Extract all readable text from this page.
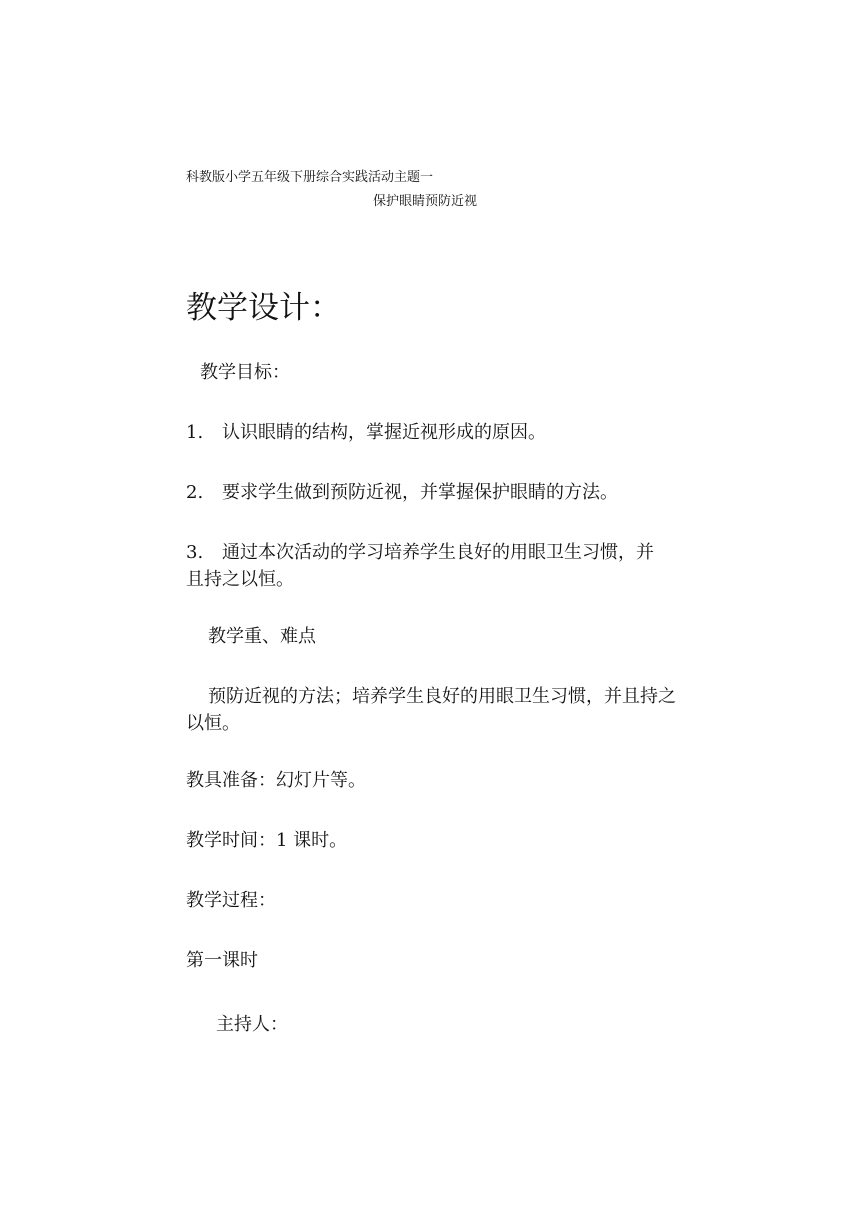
科教版小学五年级下册综合实践活动主题一
保护眼睛预防近视
教学设计：
教学目标：
1. 认识眼睛的结构，掌握近视形成的原因。
2. 要求学生做到预防近视，并掌握保护眼睛的方法。
3. 通过本次活动的学习培养学生良好的用眼卫生习惯，并且持之以恒。
教学重、难点
预防近视的方法；培养学生良好的用眼卫生习惯，并且持之以恒。
教具准备：幻灯片等。
教学时间：1 课时。
教学过程：
第一课时
主持人：
